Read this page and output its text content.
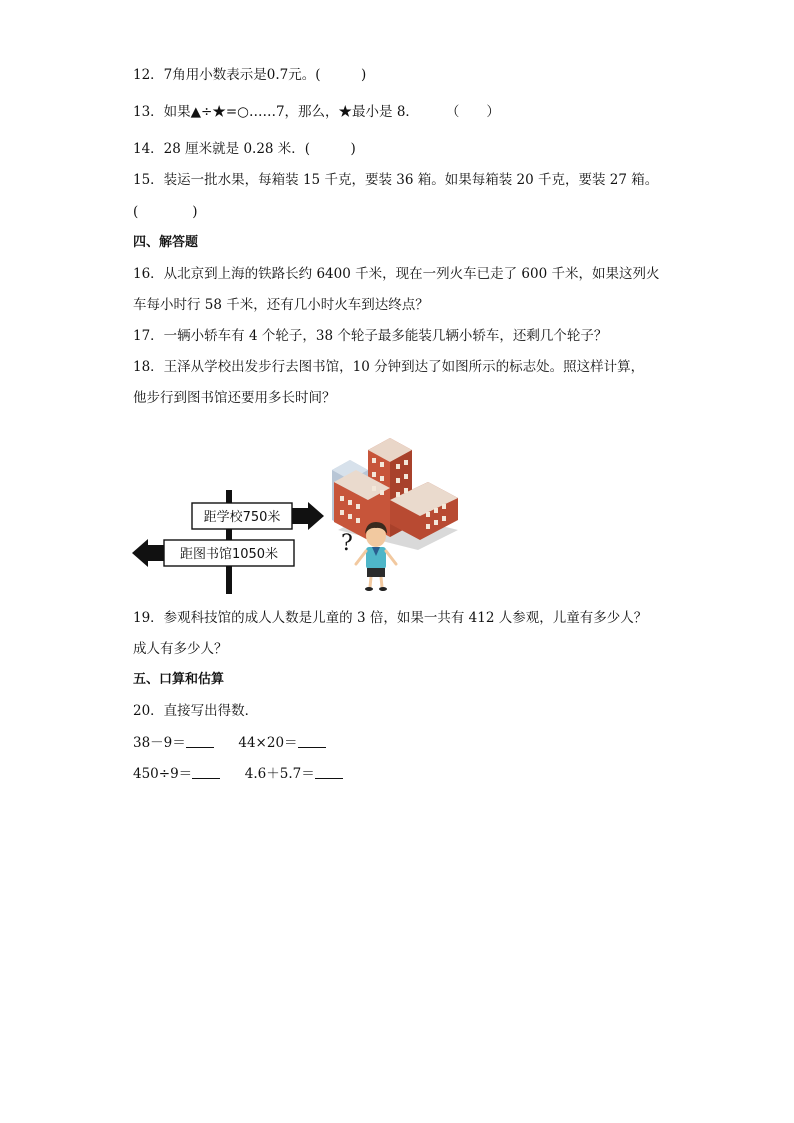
12．7角用小数表示是0.7元。(　　　)
13．如果▲÷★=○……7，那么，★最小是 8．　　　（　　）
14．28 厘米就是 0.28 米．(　　　)
15．装运一批水果，每箱装 15 千克，要装 36 箱。如果每箱装 20 千克，要装 27 箱。
(　　　　)
四、解答题
16．从北京到上海的铁路长约 6400 千米，现在一列火车已走了 600 千米，如果这列火
车每小时行 58 千米，还有几小时火车到达终点？
17．一辆小轿车有 4 个轮子，38 个轮子最多能装几辆小轿车，还剩几个轮子？
18．王泽从学校出发步行去图书馆，10 分钟到达了如图所示的标志处。照这样计算，
他步行到图书馆还要用多长时间？
距学校750米
距图书馆1050米	?
19．参观科技馆的成人人数是儿童的 3 倍，如果一共有 412 人参观，儿童有多少人？
成人有多少人？
五、口算和估算
20．直接写出得数．
38－9＝	44×20＝
450÷9＝	4.6＋5.7＝
